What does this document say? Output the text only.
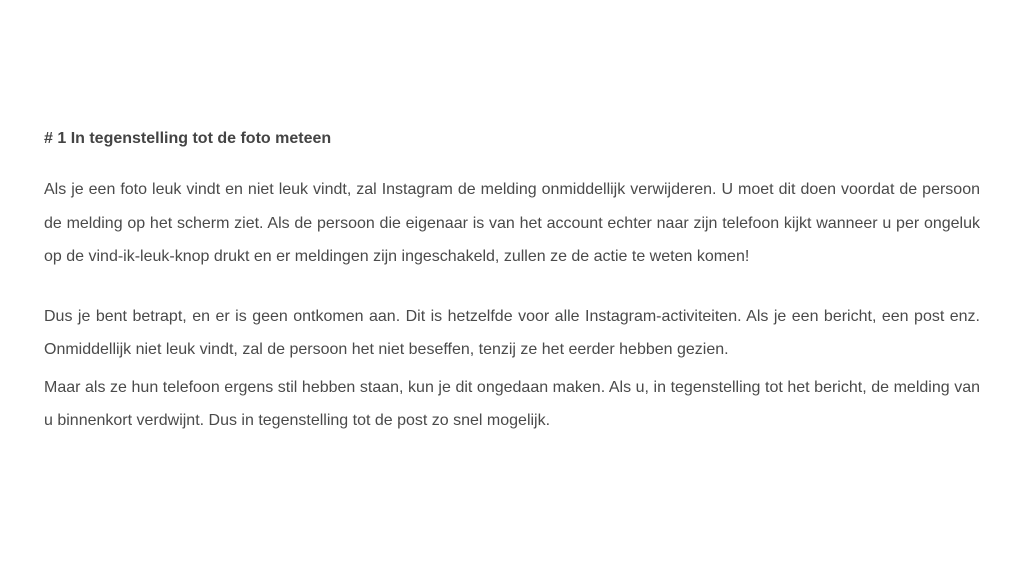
# 1 In tegenstelling tot de foto meteen

Als je een foto leuk vindt en niet leuk vindt, zal Instagram de melding onmiddellijk verwijderen. U moet dit doen voordat de persoon de melding op het scherm ziet. Als de persoon die eigenaar is van het account echter naar zijn telefoon kijkt wanneer u per ongeluk op de vind-ik-leuk-knop drukt en er meldingen zijn ingeschakeld, zullen ze de actie te weten komen!

Dus je bent betrapt, en er is geen ontkomen aan. Dit is hetzelfde voor alle Instagram-activiteiten. Als je een bericht, een post enz. Onmiddellijk niet leuk vindt, zal de persoon het niet beseffen, tenzij ze het eerder hebben gezien.

Maar als ze hun telefoon ergens stil hebben staan, kun je dit ongedaan maken. Als u, in tegenstelling tot het bericht, de melding van u binnenkort verdwijnt. Dus in tegenstelling tot de post zo snel mogelijk.
